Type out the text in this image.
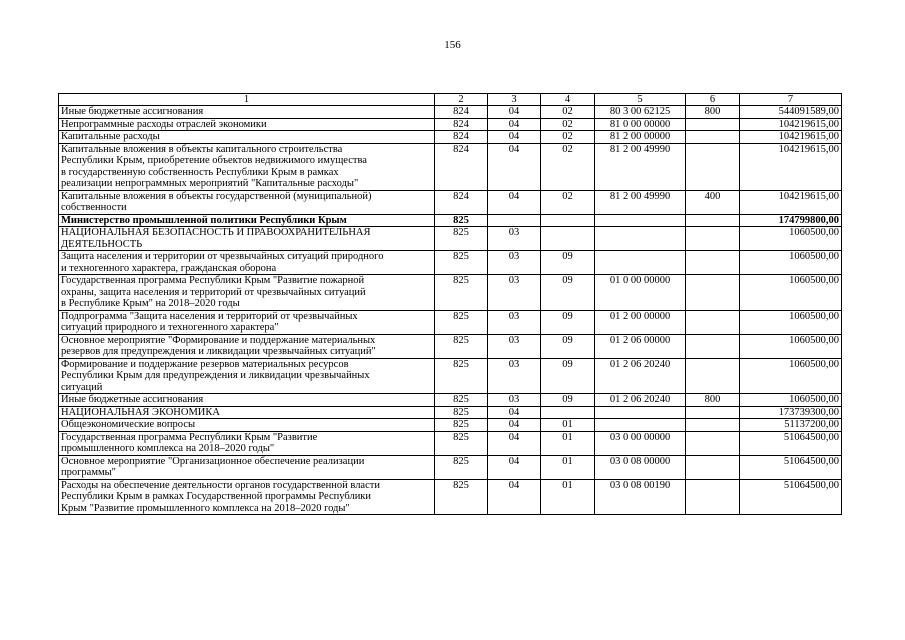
156
1	2	3	4	5	6	7

Иные бюджетные ассигнования	824	04	02	80 3 00 62125	800	544091589,00

Непрограммные расходы отраслей экономики	824	04	02	81 0 00 00000		104219615,00

Капитальные расходы	824	04	02	81 2 00 00000		104219615,00

Капитальные вложения в объекты капитального строительства
Республики Крым, приобретение объектов недвижимого имущества
в государственную собственность Республики Крым в рамках
реализации непрограммных мероприятий "Капитальные расходы"	824	04	02	81 2 00 49990		104219615,00

Капитальные вложения в объекты государственной (муниципальной)
собственности	824	04	02	81 2 00 49990	400	104219615,00

Министерство промышленной политики Республики Крым	825					174799800,00

НАЦИОНАЛЬНАЯ БЕЗОПАСНОСТЬ И ПРАВООХРАНИТЕЛЬНАЯ
ДЕЯТЕЛЬНОСТЬ	825	03				1060500,00

Защита населения и территории от чрезвычайных ситуаций природного
и техногенного характера, гражданская оборона	825	03	09			1060500,00

Государственная программа Республики Крым "Развитие пожарной
охраны, защита населения и территорий от чрезвычайных ситуаций
в Республике Крым" на 2018–2020 годы	825	03	09	01 0 00 00000		1060500,00

Подпрограмма "Защита населения и территорий от чрезвычайных
ситуаций природного и техногенного характера"	825	03	09	01 2 00 00000		1060500,00

Основное мероприятие "Формирование и поддержание материальных
резервов для предупреждения и ликвидации чрезвычайных ситуаций"	825	03	09	01 2 06 00000		1060500,00

Формирование и поддержание резервов материальных ресурсов
Республики Крым для предупреждения и ликвидации чрезвычайных
ситуаций	825	03	09	01 2 06 20240		1060500,00

Иные бюджетные ассигнования	825	03	09	01 2 06 20240	800	1060500,00

НАЦИОНАЛЬНАЯ ЭКОНОМИКА	825	04				173739300,00

Общеэкономические вопросы	825	04	01			51137200,00

Государственная программа Республики Крым "Развитие
промышленного комплекса на 2018–2020 годы"	825	04	01	03 0 00 00000		51064500,00

Основное мероприятие "Организационное обеспечение реализации
программы"	825	04	01	03 0 08 00000		51064500,00

Расходы на обеспечение деятельности органов государственной власти
Республики Крым в рамках Государственной программы Республики
Крым "Развитие промышленного комплекса на 2018–2020 годы"	825	04	01	03 0 08 00190		51064500,00
